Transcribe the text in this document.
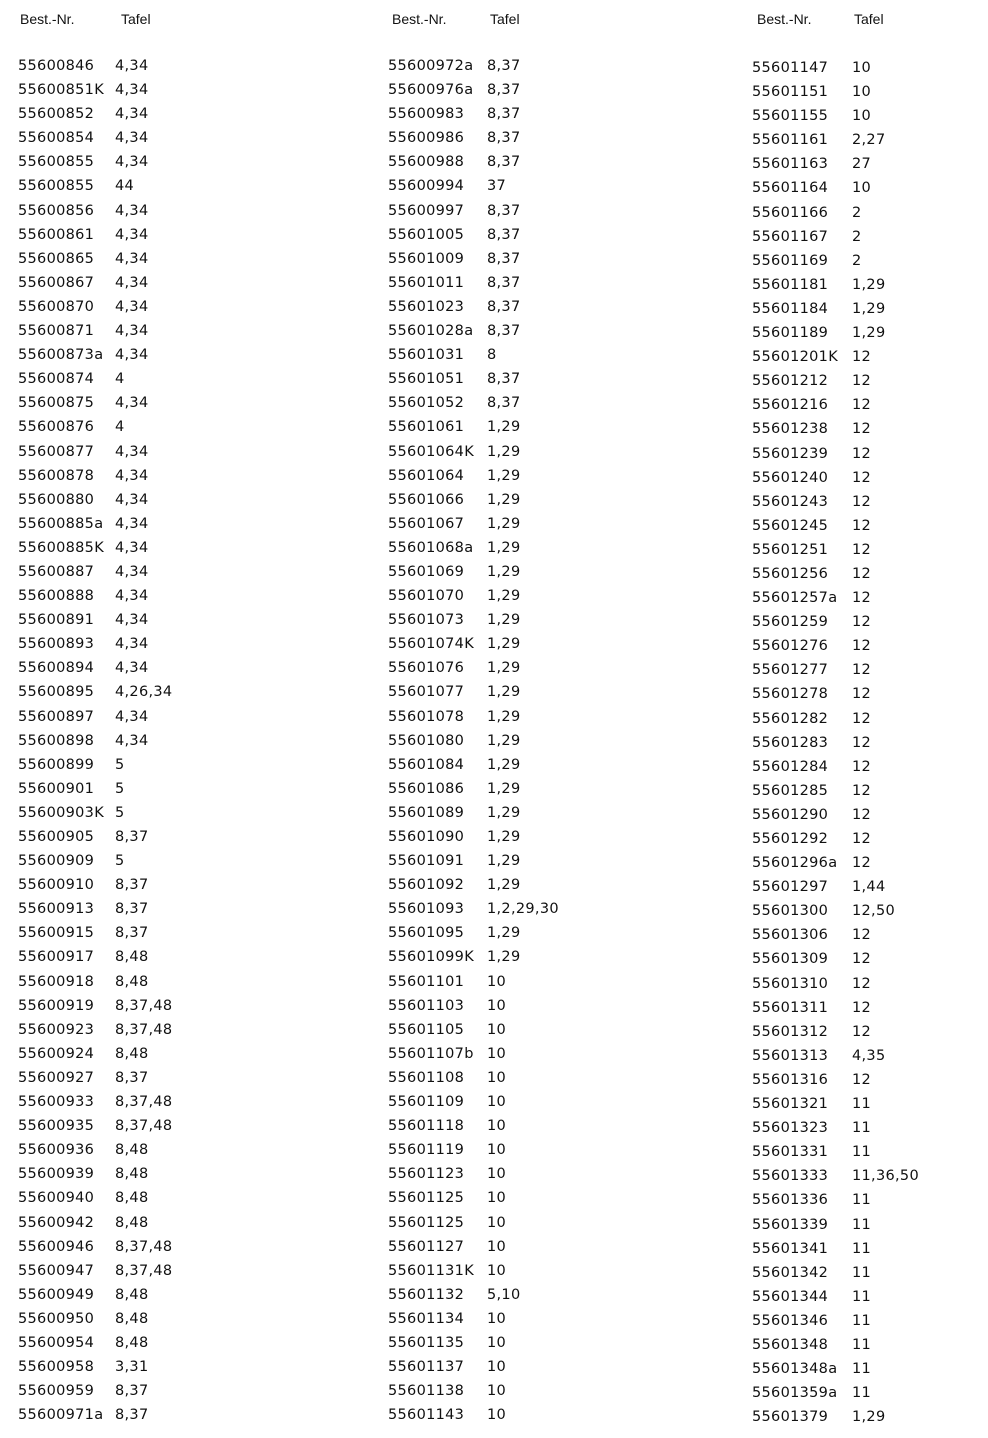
Best.-Nr.	Tafel
55600846 4,34
55600851K 4,34
55600852 4,34
55600854 4,34
55600855 4,34
55600855 44
55600856 4,34
55600861 4,34
55600865 4,34
55600867 4,34
55600870 4,34
55600871 4,34
55600873a 4,34
55600874 4
55600875 4,34
55600876 4
55600877 4,34
55600878 4,34
55600880 4,34
55600885a 4,34
55600885K 4,34
55600887 4,34
55600888 4,34
55600891 4,34
55600893 4,34
55600894 4,34
55600895 4,26,34
55600897 4,34
55600898 4,34
55600899 5
55600901 5
55600903K 5
55600905 8,37
55600909 5
55600910 8,37
55600913 8,37
55600915 8,37
55600917 8,48
55600918 8,48
55600919 8,37,48
55600923 8,37,48
55600924 8,48
55600927 8,37
55600933 8,37,48
55600935 8,37,48
55600936 8,48
55600939 8,48
55600940 8,48
55600942 8,48
55600946 8,37,48
55600947 8,37,48
55600949 8,48
55600950 8,48
55600954 8,48
55600958 3,31
55600959 8,37
55600971a 8,37
Best.-Nr.	Tafel
55600972a 8,37
55600976a 8,37
55600983 8,37
55600986 8,37
55600988 8,37
55600994 37
55600997 8,37
55601005 8,37
55601009 8,37
55601011 8,37
55601023 8,37
55601028a 8,37
55601031 8
55601051 8,37
55601052 8,37
55601061 1,29
55601064K 1,29
55601064 1,29
55601066 1,29
55601067 1,29
55601068a 1,29
55601069 1,29
55601070 1,29
55601073 1,29
55601074K 1,29
55601076 1,29
55601077 1,29
55601078 1,29
55601080 1,29
55601084 1,29
55601086 1,29
55601089 1,29
55601090 1,29
55601091 1,29
55601092 1,29
55601093 1,2,29,30
55601095 1,29
55601099K 1,29
55601101 10
55601103 10
55601105 10
55601107b 10
55601108 10
55601109 10
55601118 10
55601119 10
55601123 10
55601125 10
55601125 10
55601127 10
55601131K 10
55601132 5,10
55601134 10
55601135 10
55601137 10
55601138 10
55601143 10
Best.-Nr.	Tafel
55601147 10
55601151 10
55601155 10
55601161 2,27
55601163 27
55601164 10
55601166 2
55601167 2
55601169 2
55601181 1,29
55601184 1,29
55601189 1,29
55601201K 12
55601212 12
55601216 12
55601238 12
55601239 12
55601240 12
55601243 12
55601245 12
55601251 12
55601256 12
55601257a 12
55601259 12
55601276 12
55601277 12
55601278 12
55601282 12
55601283 12
55601284 12
55601285 12
55601290 12
55601292 12
55601296a 12
55601297 1,44
55601300 12,50
55601306 12
55601309 12
55601310 12
55601311 12
55601312 12
55601313 4,35
55601316 12
55601321 11
55601323 11
55601331 11
55601333 11,36,50
55601336 11
55601339 11
55601341 11
55601342 11
55601344 11
55601346 11
55601348 11
55601348a 11
55601359a 11
55601379 1,29
